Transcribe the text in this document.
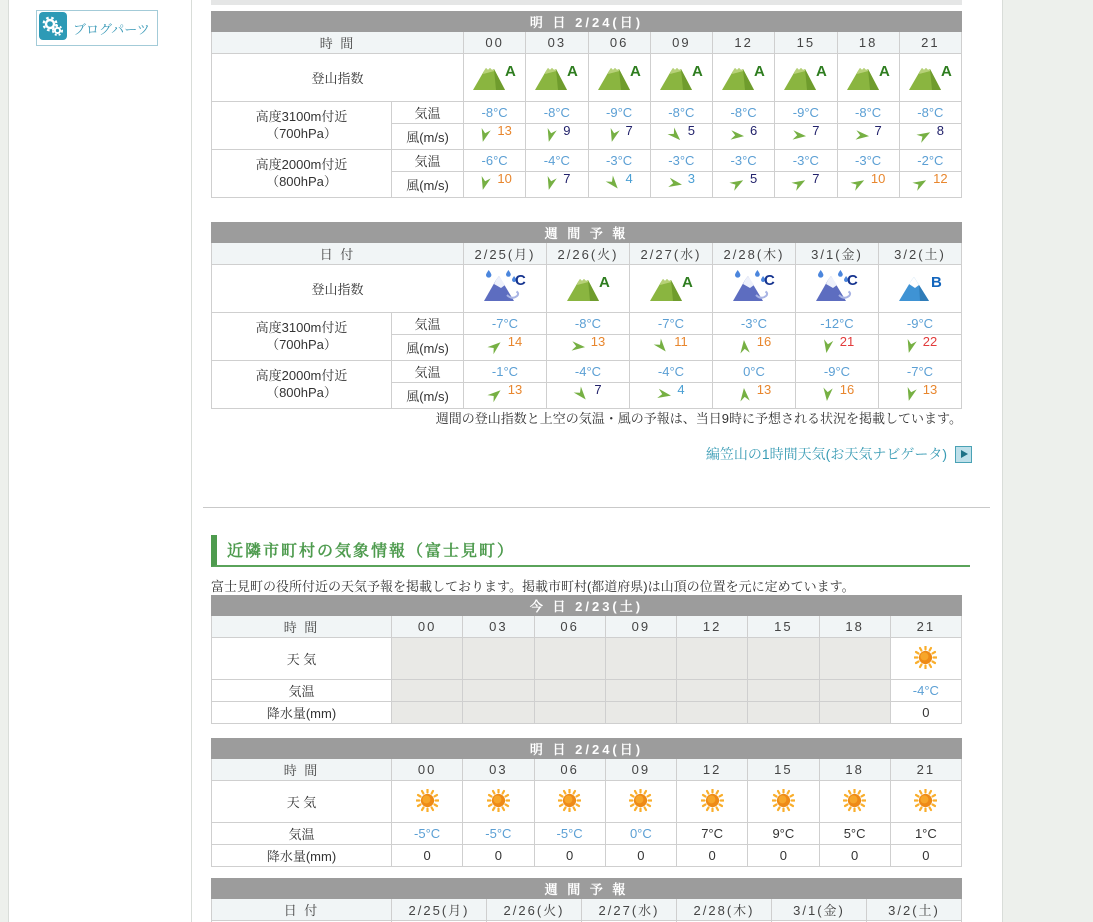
ブログパーツ	明 日 2/24(日)									
時 間		00	03	06	09	12	15	18	21
登山指数		A	A	A	A	A	A	A	A

高度3100m付近
（700hPa）	気温	-8°C	-8°C	-9°C	-8°C	-8°C	-9°C	-8°C	-8°C
	風(m/s)	13	9	7	5	6	7	7	8

高度2000m付近
（800hPa）	気温	-6°C	-4°C	-3°C	-3°C	-3°C	-3°C	-3°C	-2°C
	風(m/s)	10	7	4	3	5	7	10	12
週 間 予 報							
日 付		2/25(月)	2/26(火)	2/27(水)	2/28(木)	3/1(金)	3/2(土)
登山指数		C	A	A	C	C	B

高度3100m付近
（700hPa）	気温	-7°C	-8°C	-7°C	-3°C	-12°C	-9°C
	風(m/s)	14	13	11	16	21	22

高度2000m付近
（800hPa）	気温	-1°C	-4°C	-4°C	0°C	-9°C	-7°C
	風(m/s)	13	7	4	13	16	13
週間の登山指数と上空の気温・風の予報は、当日9時に予想される状況を掲載しています。
編笠山の1時間天気(お天気ナビゲータ)
近隣市町村の気象情報（富士見町）

富士見町の役所付近の天気予報を掲載しております。掲載市町村(都道府県)は山頂の位置を元に定めています。

今 日 2/23(土)								
時 間	00	03	06	09	12	15	18	21
天 気								
気温								-4°C
降水量(mm)								0
明 日 2/24(日)								
時 間	00	03	06	09	12	15	18	21
天 気								
気温	-5°C	-5°C	-5°C	0°C	7°C	9°C	5°C	1°C
降水量(mm)	0	0	0	0	0	0	0	0
週 間 予 報						
日 付	2/25(月)	2/26(火)	2/27(水)	2/28(木)	3/1(金)	3/2(土)
